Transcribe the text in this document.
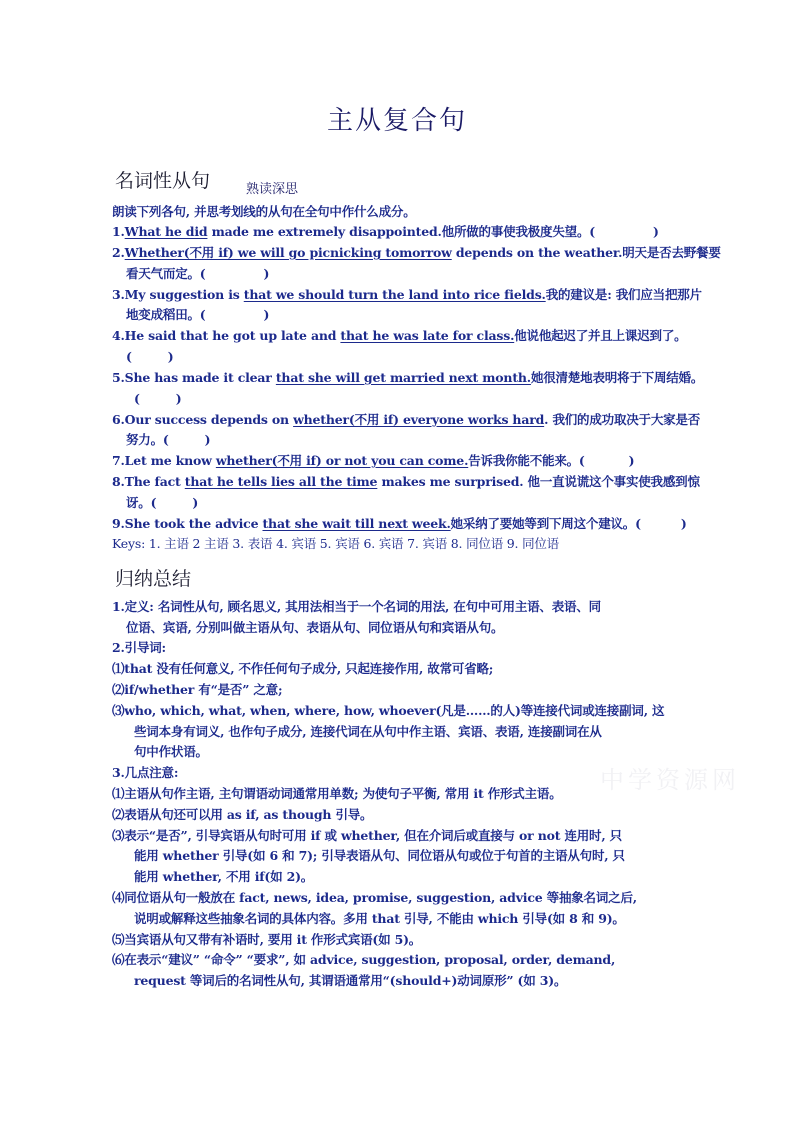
主从复合句
名词性从句	熟读深思
朗读下列各句, 并思考划线的从句在全句中作什么成分。
1.What he did made me extremely disappointed.他所做的事使我极度失望。(	)
2.Whether(不用 if) we will go picnicking tomorrow depends on the weather.明天是否去野餐要
看天气而定。(	)
3.My suggestion is that we should turn the land into rice fields.我的建议是: 我们应当把那片
地变成稻田。(	)
4.He said that he got up late and that he was late for class.他说他起迟了并且上课迟到了。
(	)
5.She has made it clear that she will get married next month.她很清楚地表明将于下周结婚。
(	)
6.Our success depends on whether(不用 if) everyone works hard. 我们的成功取决于大家是否
努力。(	)
7.Let me know whether(不用 if) or not you can come.告诉我你能不能来。(	)
8.The fact that he tells lies all the time makes me surprised. 他一直说谎这个事实使我感到惊
讶。(	)
9.She took the advice that she wait till next week.她采纳了要她等到下周这个建议。(	)
Keys: 1. 主语 2 主语 3. 表语 4. 宾语 5. 宾语 6. 宾语 7. 宾语 8. 同位语 9. 同位语
归纳总结
1.定义: 名词性从句, 顾名思义, 其用法相当于一个名词的用法, 在句中可用主语、表语、同
位语、宾语, 分别叫做主语从句、表语从句、同位语从句和宾语从句。
2.引导词:
⑴that 没有任何意义, 不作任何句子成分, 只起连接作用, 故常可省略;
⑵if/whether 有“是否” 之意;
⑶who, which, what, when, where, how, whoever(凡是……的人)等连接代词或连接副词, 这
些词本身有词义, 也作句子成分, 连接代词在从句中作主语、宾语、表语, 连接副词在从
句中作状语。
3.几点注意:
⑴主语从句作主语, 主句谓语动词通常用单数; 为使句子平衡, 常用 it 作形式主语。
⑵表语从句还可以用 as if, as though 引导。
⑶表示“是否”, 引导宾语从句时可用 if 或 whether, 但在介词后或直接与 or not 连用时, 只
能用 whether 引导(如 6 和 7); 引导表语从句、同位语从句或位于句首的主语从句时, 只
能用 whether, 不用 if(如 2)。
⑷同位语从句一般放在 fact, news, idea, promise, suggestion, advice 等抽象名词之后,
说明或解释这些抽象名词的具体内容。多用 that 引导, 不能由 which 引导(如 8 和 9)。
⑸当宾语从句又带有补语时, 要用 it 作形式宾语(如 5)。
⑹在表示“建议” “命令” “要求”, 如 advice, suggestion, proposal, order, demand,
request 等词后的名词性从句, 其谓语通常用“(should+)动词原形” (如 3)。
中学资源网
